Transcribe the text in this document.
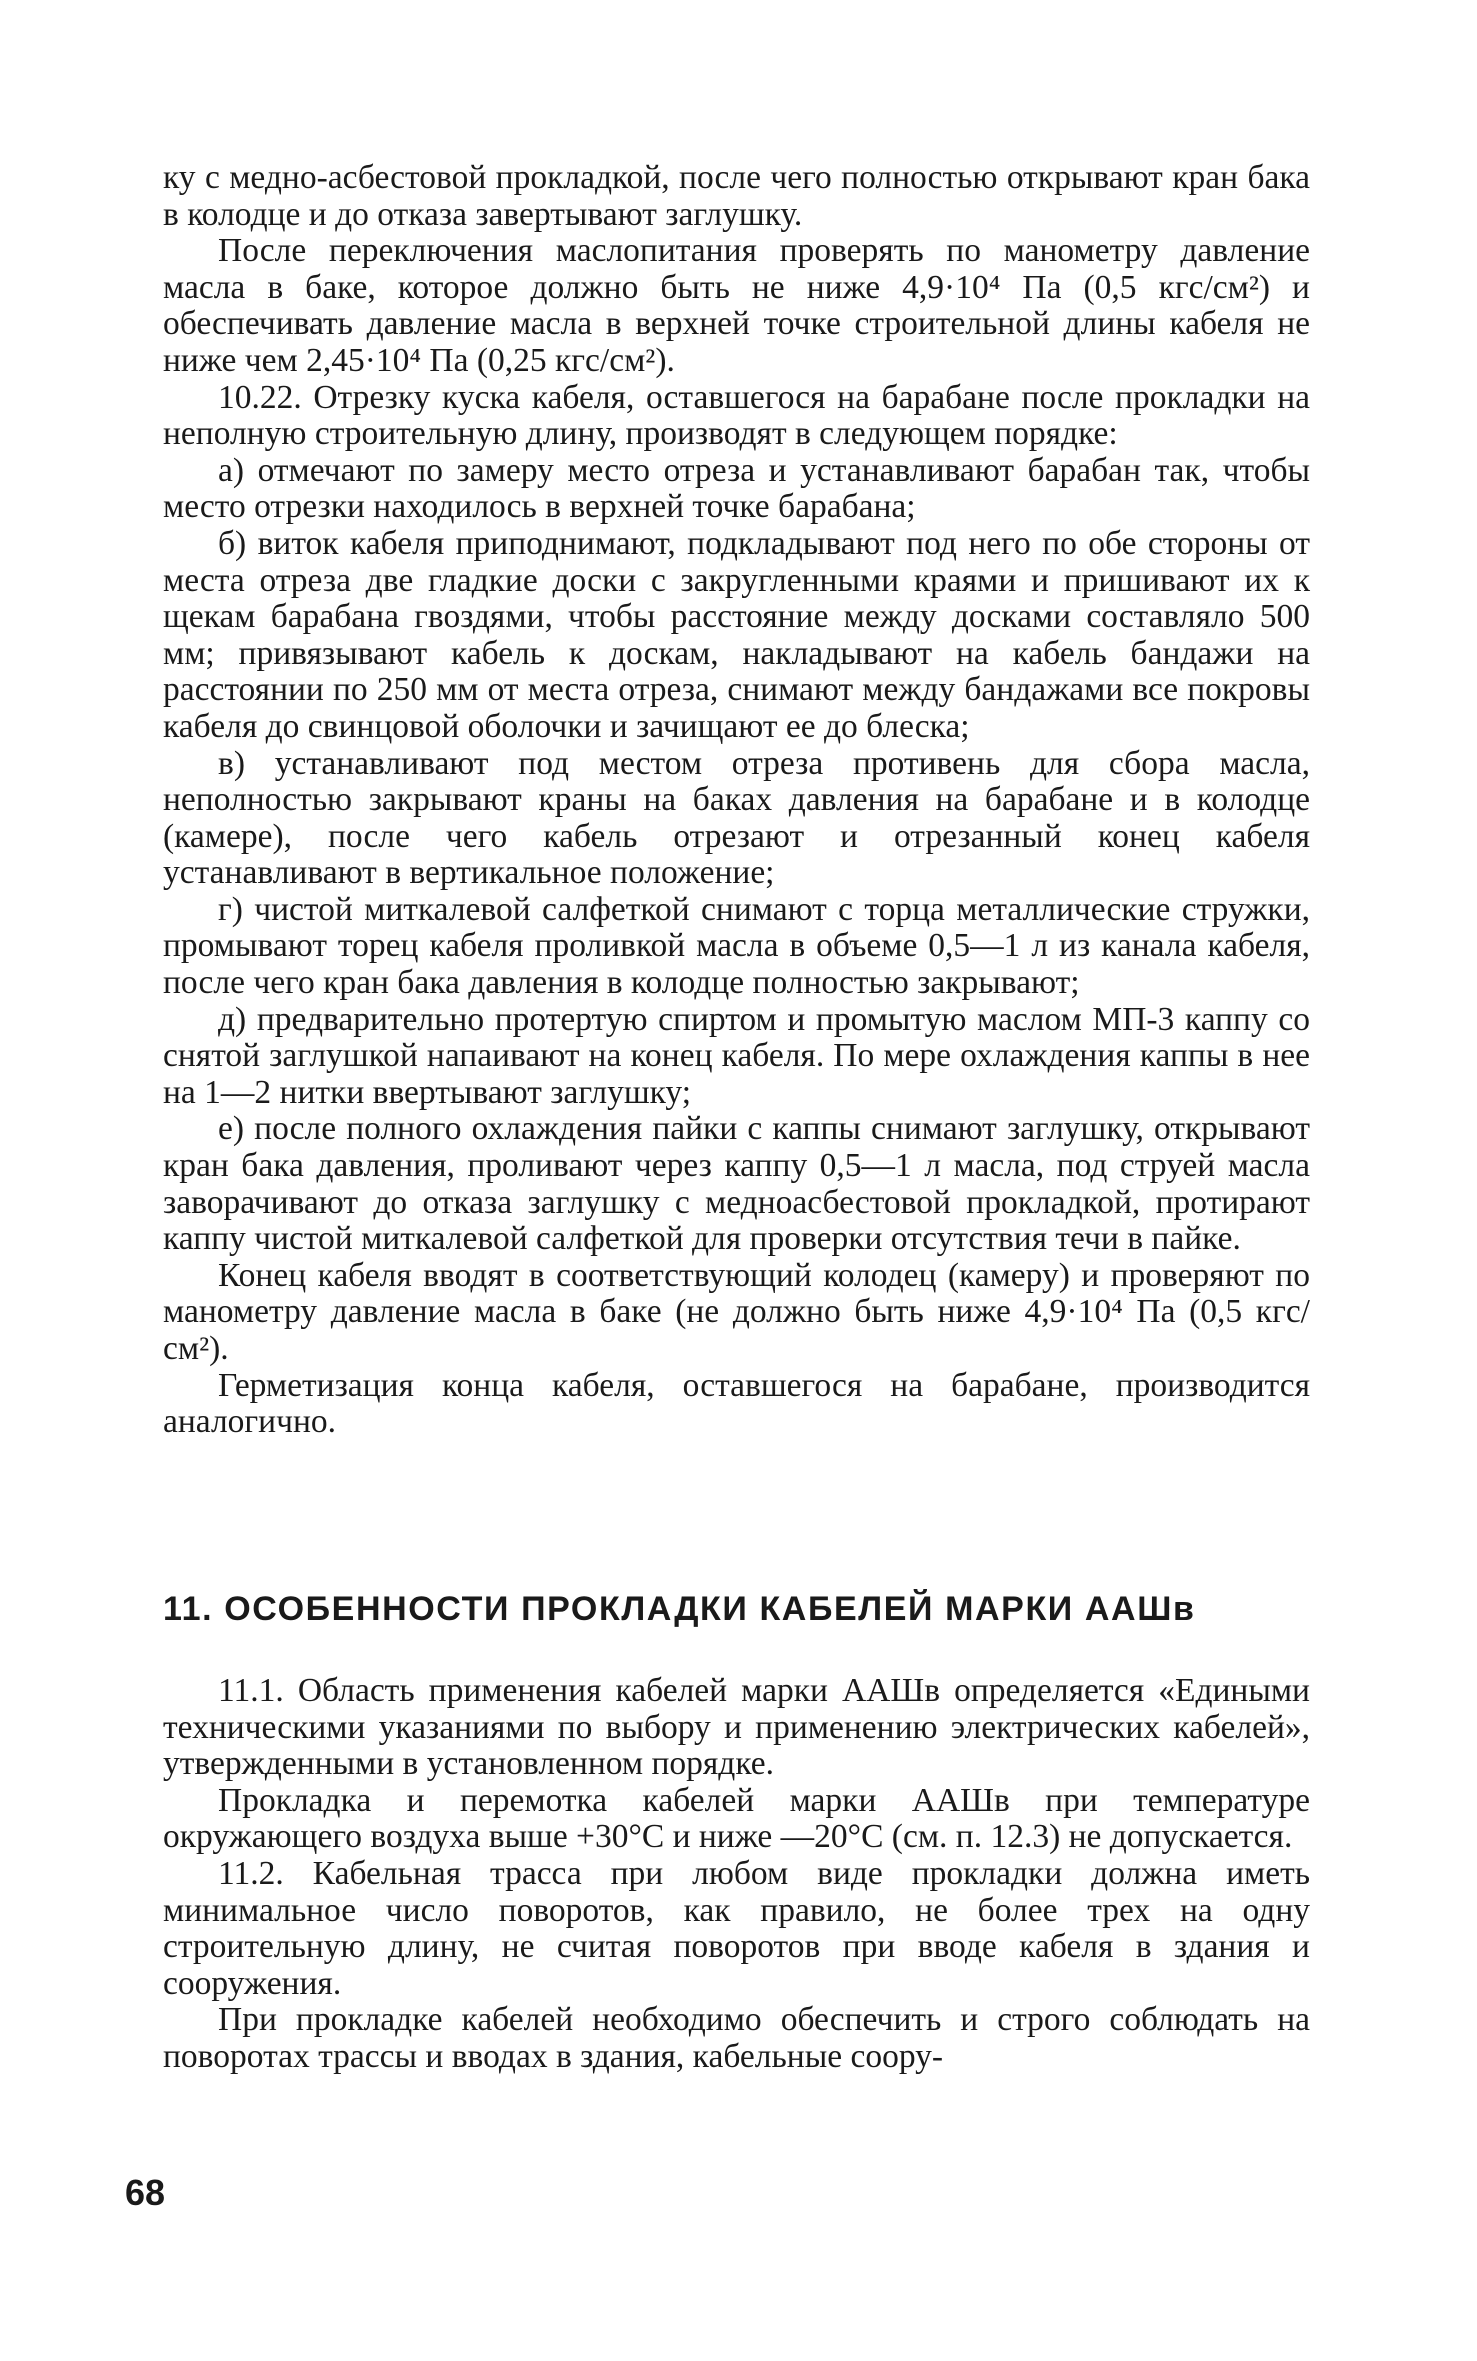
ку с медно-асбестовой прокладкой, после чего полностью открывают кран бака в колодце и до отказа завертывают заглушку.

После переключения маслопитания проверять по манометру давление масла в баке, которое должно быть не ниже 4,9·10⁴ Па (0,5 кгс/см²) и обеспечивать давление масла в верхней точке строительной длины кабеля не ниже чем 2,45·10⁴ Па (0,25 кгс/см²).

10.22. Отрезку куска кабеля, оставшегося на барабане после прокладки на неполную строительную длину, производят в следующем порядке:

а) отмечают по замеру место отреза и устанавливают барабан так, чтобы место отрезки находилось в верхней точке барабана;

б) виток кабеля приподнимают, подкладывают под него по обе стороны от места отреза две гладкие доски с закругленными краями и пришивают их к щекам барабана гвоздями, чтобы расстояние между досками составляло 500 мм; привязывают кабель к доскам, накладывают на кабель бандажи на расстоянии по 250 мм от места отреза, снимают между бандажами все покровы кабеля до свинцовой оболочки и зачищают ее до блеска;

в) устанавливают под местом отреза противень для сбора масла, неполностью закрывают краны на баках давления на барабане и в колодце (камере), после чего кабель отрезают и отрезанный конец кабеля устанавливают в вертикальное положение;

г) чистой миткалевой салфеткой снимают с торца металлические стружки, промывают торец кабеля проливкой масла в объеме 0,5—1 л из канала кабеля, после чего кран бака давления в колодце полностью закрывают;

д) предварительно протертую спиртом и промытую маслом МП-3 каппу со снятой заглушкой напаивают на конец кабеля. По мере охлаждения каппы в нее на 1—2 нитки ввертывают заглушку;

е) после полного охлаждения пайки с каппы снимают заглушку, открывают кран бака давления, проливают через каппу 0,5—1 л масла, под струей масла заворачивают до отказа заглушку с медноасбестовой прокладкой, протирают каппу чистой миткалевой салфеткой для проверки отсутствия течи в пайке.

Конец кабеля вводят в соответствующий колодец (камеру) и проверяют по манометру давление масла в баке (не должно быть ниже 4,9·10⁴ Па (0,5 кгс/см²).

Герметизация конца кабеля, оставшегося на барабане, производится аналогично.

11. ОСОБЕННОСТИ ПРОКЛАДКИ КАБЕЛЕЙ МАРКИ ААШв

11.1. Область применения кабелей марки ААШв определяется «Едиными техническими указаниями по выбору и применению электрических кабелей», утвержденными в установленном порядке.

Прокладка и перемотка кабелей марки ААШв при температуре окружающего воздуха выше +30°С и ниже —20°С (см. п. 12.3) не допускается.

11.2. Кабельная трасса при любом виде прокладки должна иметь минимальное число поворотов, как правило, не более трех на одну строительную длину, не считая поворотов при вводе кабеля в здания и сооружения.

При прокладке кабелей необходимо обеспечить и строго соблюдать на поворотах трассы и вводах в здания, кабельные соору-

68
